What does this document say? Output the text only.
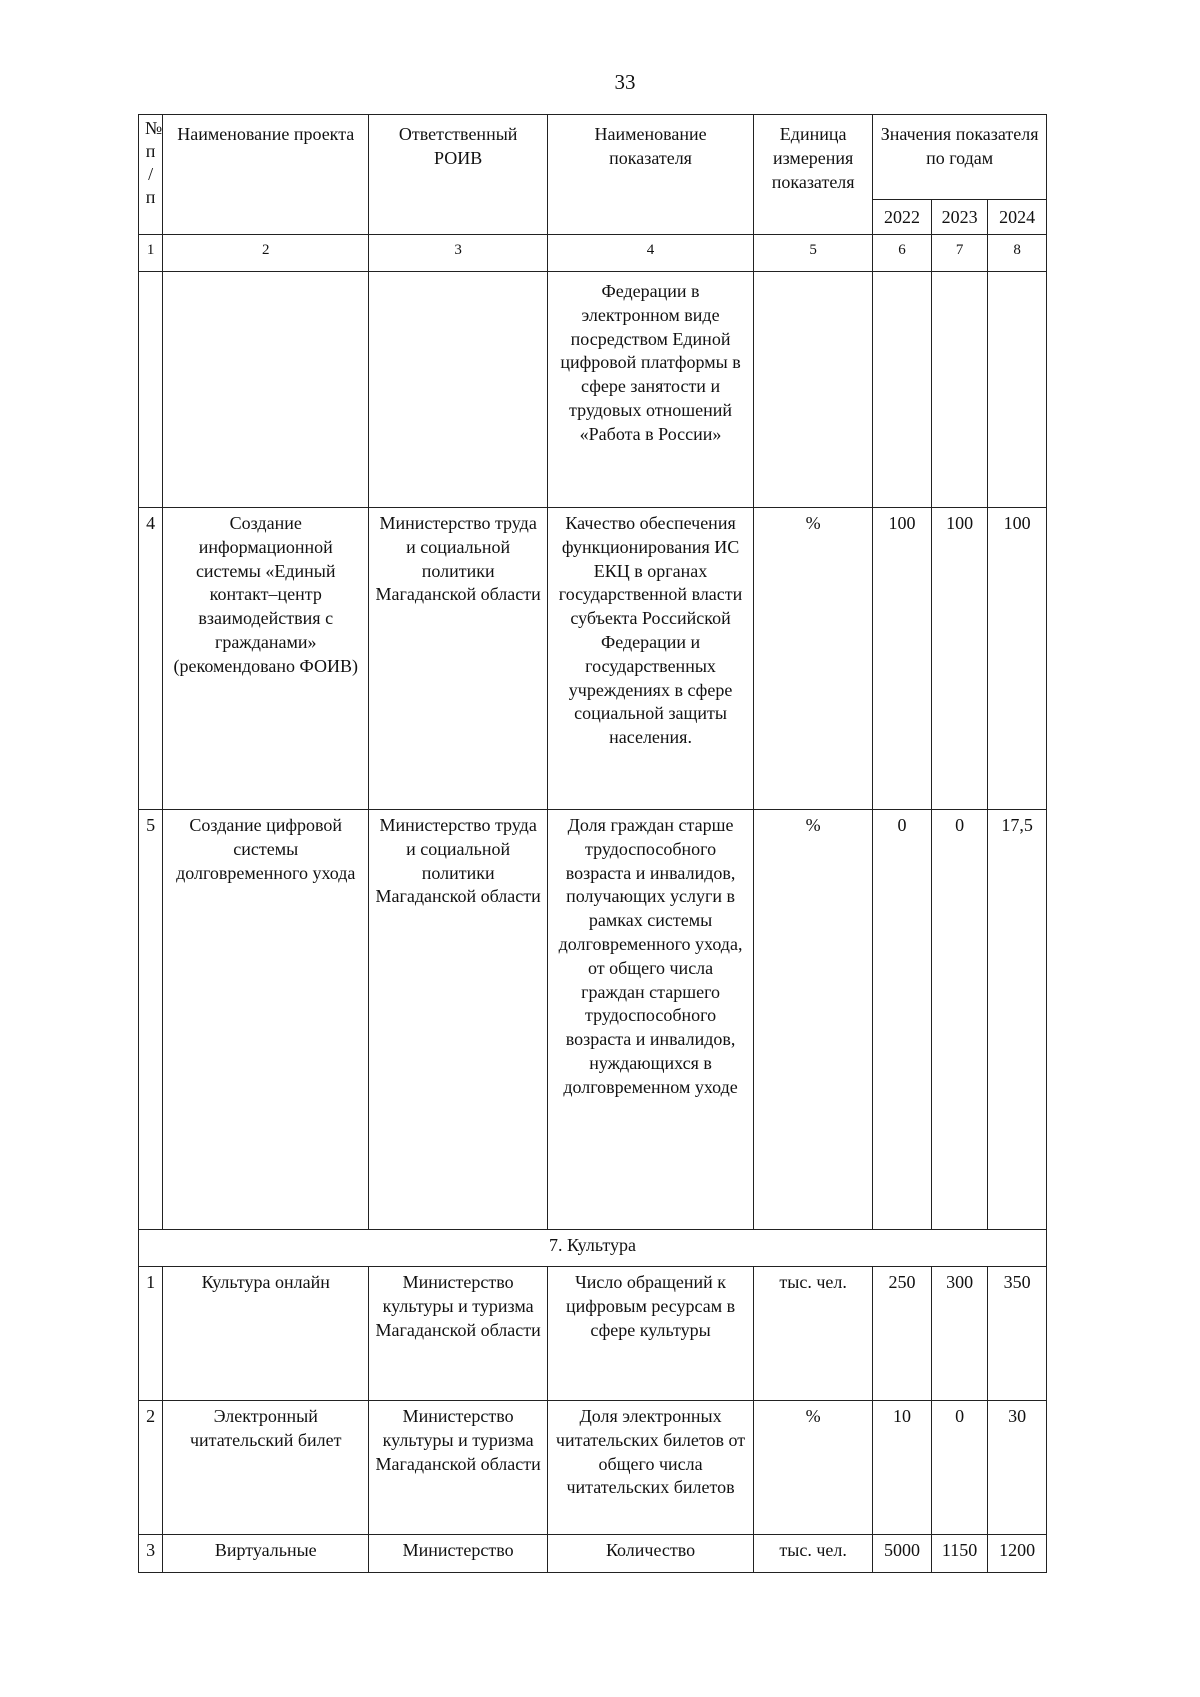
33
№
п
/
п	Наименование проекта	Ответственный РОИВ	Наименование показателя	Единица измерения показателя	Значения показателя по годам		
					2022	2023	2024
1	2	3	4	5	6	7	8
			Федерации в электронном виде посредством Единой цифровой платформы в сфере занятости и трудовых отношений «Работа в России»				
4	Создание информационной системы «Единый контакт–центр взаимодействия с гражданами» (рекомендовано ФОИВ)	Министерство труда и социальной политики Магаданской области	Качество обеспечения функционирования ИС ЕКЦ в органах государственной власти субъекта Российской Федерации и государственных учреждениях в сфере социальной защиты населения.	%	100	100	100
5	Создание цифровой системы долговременного ухода	Министерство труда и социальной политики Магаданской области	Доля граждан старше трудоспособного возраста и инвалидов, получающих услуги в рамках системы долговременного ухода, от общего числа граждан старшего трудоспособного возраста и инвалидов, нуждающихся в долговременном уходе	%	0	0	17,5
7. Культура							
1	Культура онлайн	Министерство культуры и туризма Магаданской области	Число обращений к цифровым ресурсам в сфере культуры	тыс. чел.	250	300	350
2	Электронный читательский билет	Министерство культуры и туризма Магаданской области	Доля электронных читательских билетов от общего числа читательских билетов	%	10	0	30
3	Виртуальные	Министерство	Количество	тыс. чел.	5000	1150	1200
